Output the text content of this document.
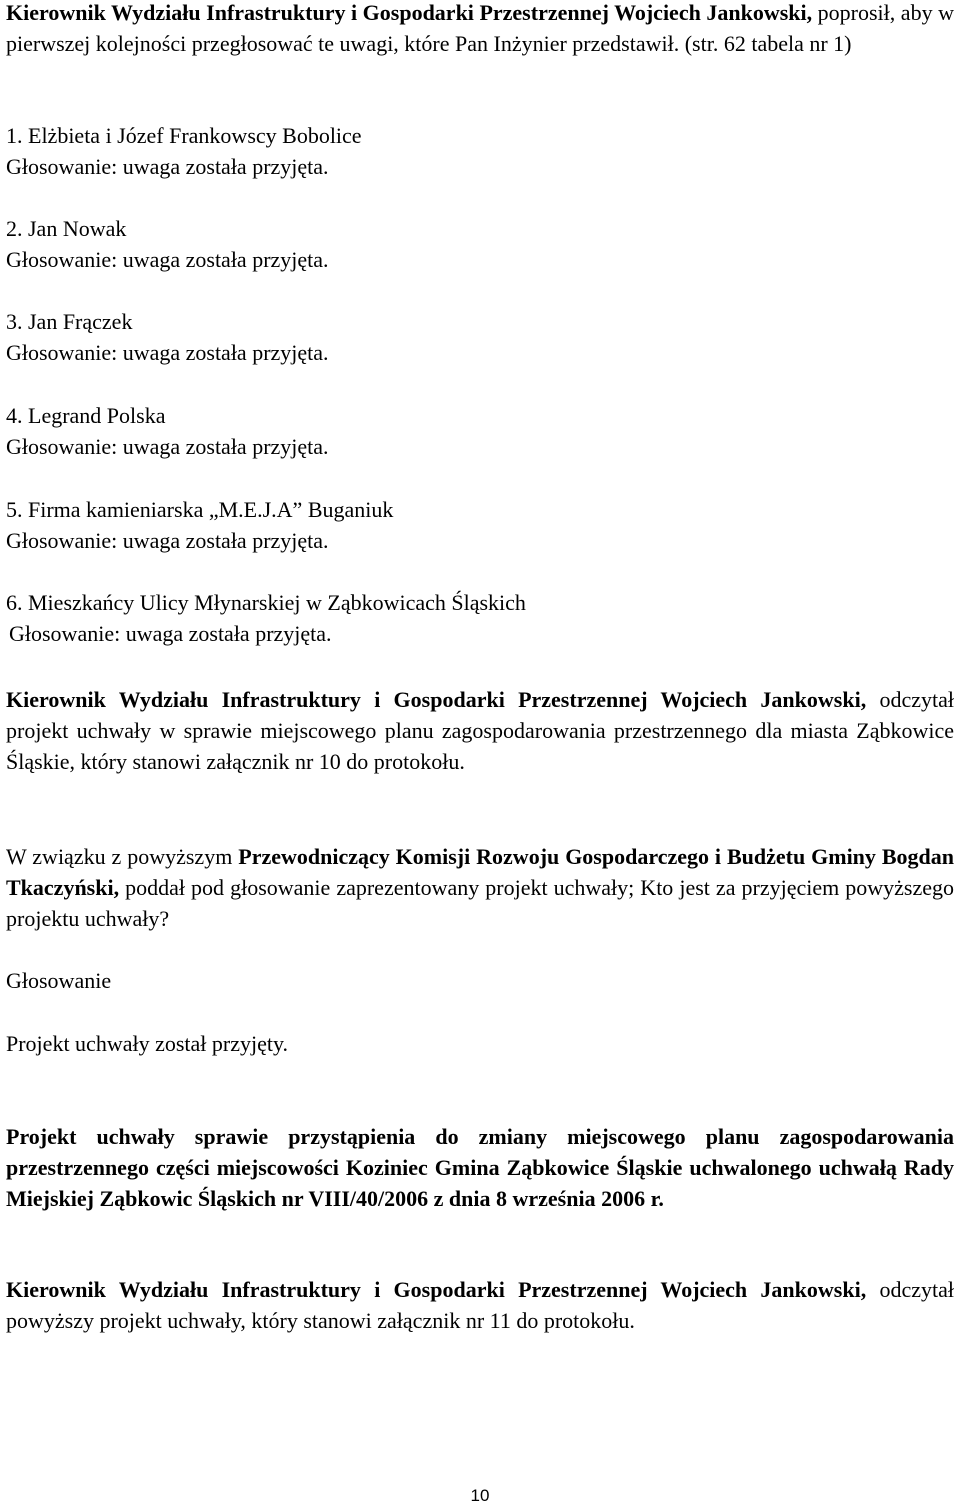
Kierownik Wydziału Infrastruktury i Gospodarki Przestrzennej Wojciech Jankowski, poprosił, aby w pierwszej kolejności przegłosować te uwagi, które Pan Inżynier przedstawił. (str. 62 tabela nr 1)

1. Elżbieta i Józef Frankowscy Bobolice
Głosowanie: uwaga została przyjęta.
2. Jan Nowak
Głosowanie: uwaga została przyjęta.
3. Jan Frączek
Głosowanie: uwaga została przyjęta.
4. Legrand Polska
Głosowanie: uwaga została przyjęta.
5. Firma kamieniarska „M.E.J.A” Buganiuk
Głosowanie: uwaga została przyjęta.
6. Mieszkańcy Ulicy Młynarskiej w Ząbkowicach Śląskich
Głosowanie: uwaga została przyjęta.

Kierownik Wydziału Infrastruktury i Gospodarki Przestrzennej Wojciech Jankowski, odczytał projekt uchwały w sprawie miejscowego planu zagospodarowania przestrzennego dla miasta Ząbkowice Śląskie, który stanowi załącznik nr 10 do protokołu.

W związku z powyższym Przewodniczący Komisji Rozwoju Gospodarczego i Budżetu Gminy Bogdan Tkaczyński, poddał pod głosowanie zaprezentowany projekt uchwały; Kto jest za przyjęciem powyższego projektu uchwały?

Głosowanie

Projekt uchwały został przyjęty.

Projekt uchwały sprawie przystąpienia do zmiany miejscowego planu zagospodarowania przestrzennego części miejscowości Koziniec Gmina Ząbkowice Śląskie uchwalonego uchwałą Rady Miejskiej Ząbkowic Śląskich nr VIII/40/2006 z dnia 8 września 2006 r.

Kierownik Wydziału Infrastruktury i Gospodarki Przestrzennej Wojciech Jankowski, odczytał powyższy projekt uchwały, który stanowi załącznik nr 11 do protokołu.

10
